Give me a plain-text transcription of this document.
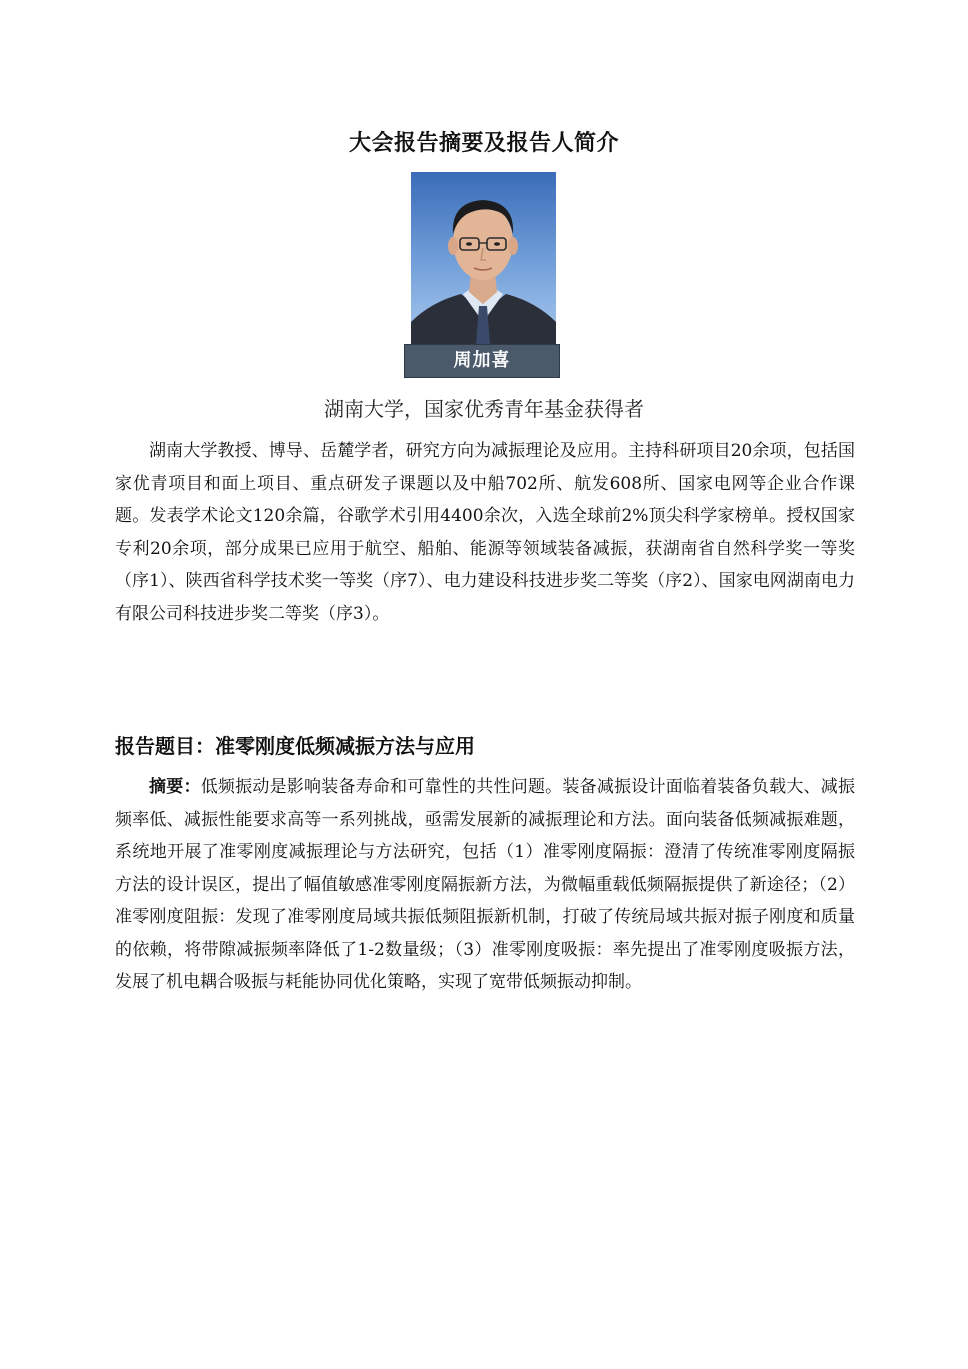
大会报告摘要及报告人简介
周加喜
湖南大学，国家优秀青年基金获得者
湖南大学教授、博导、岳麓学者，研究方向为减振理论及应用。主持科研项目20余项，包括国家优青项目和面上项目、重点研发子课题以及中船702所、航发608所、国家电网等企业合作课题。发表学术论文120余篇，谷歌学术引用4400余次，入选全球前2%顶尖科学家榜单。授权国家专利20余项，部分成果已应用于航空、船舶、能源等领域装备减振，获湖南省自然科学奖一等奖（序1）、陕西省科学技术奖一等奖（序7）、电力建设科技进步奖二等奖（序2）、国家电网湖南电力有限公司科技进步奖二等奖（序3）。
报告题目：准零刚度低频减振方法与应用
摘要：低频振动是影响装备寿命和可靠性的共性问题。装备减振设计面临着装备负载大、减振频率低、减振性能要求高等一系列挑战，亟需发展新的减振理论和方法。面向装备低频减振难题，系统地开展了准零刚度减振理论与方法研究，包括（1）准零刚度隔振：澄清了传统准零刚度隔振方法的设计误区，提出了幅值敏感准零刚度隔振新方法，为微幅重载低频隔振提供了新途径；（2）准零刚度阻振：发现了准零刚度局域共振低频阻振新机制，打破了传统局域共振对振子刚度和质量的依赖，将带隙减振频率降低了1-2数量级；（3）准零刚度吸振：率先提出了准零刚度吸振方法，发展了机电耦合吸振与耗能协同优化策略，实现了宽带低频振动抑制。
